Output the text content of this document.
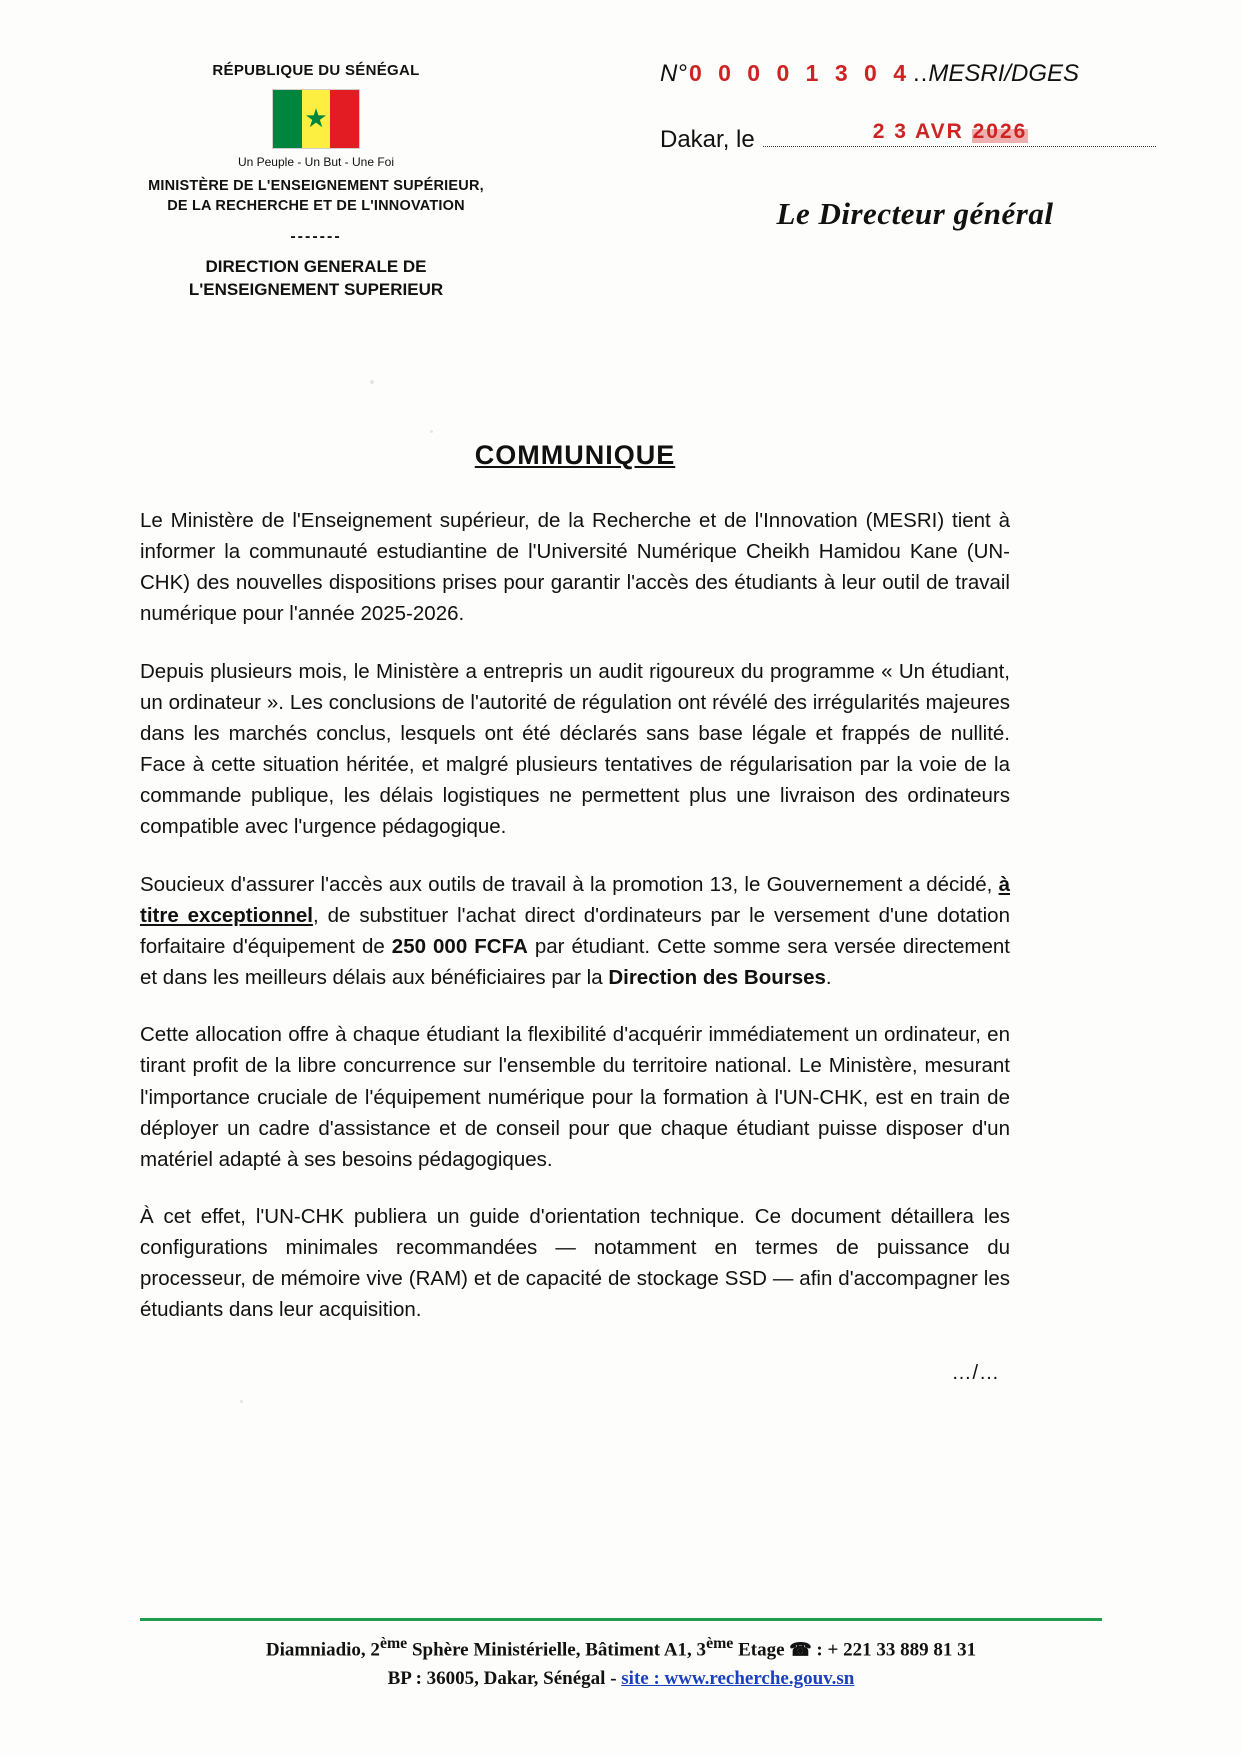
RÉPUBLIQUE DU SÉNÉGAL
★
Un Peuple - Un But - Une Foi
MINISTÈRE DE L'ENSEIGNEMENT SUPÉRIEUR,
DE LA RECHERCHE ET DE L'INNOVATION
-------
DIRECTION GENERALE DE
L'ENSEIGNEMENT SUPERIEUR
N° 0 0 0 0 1 3 0 4 .. MESRI/DGES
Dakar, le	2 3 AVR 2026
Le Directeur général
COMMUNIQUE

Le Ministère de l'Enseignement supérieur, de la Recherche et de l'Innovation (MESRI) tient à informer la communauté estudiantine de l'Université Numérique Cheikh Hamidou Kane (UN-CHK) des nouvelles dispositions prises pour garantir l'accès des étudiants à leur outil de travail numérique pour l'année 2025-2026.

Depuis plusieurs mois, le Ministère a entrepris un audit rigoureux du programme « Un étudiant, un ordinateur ». Les conclusions de l'autorité de régulation ont révélé des irrégularités majeures dans les marchés conclus, lesquels ont été déclarés sans base légale et frappés de nullité. Face à cette situation héritée, et malgré plusieurs tentatives de régularisation par la voie de la commande publique, les délais logistiques ne permettent plus une livraison des ordinateurs compatible avec l'urgence pédagogique.

Soucieux d'assurer l'accès aux outils de travail à la promotion 13, le Gouvernement a décidé, à titre exceptionnel, de substituer l'achat direct d'ordinateurs par le versement d'une dotation forfaitaire d'équipement de 250 000 FCFA par étudiant. Cette somme sera versée directement et dans les meilleurs délais aux bénéficiaires par la Direction des Bourses.

Cette allocation offre à chaque étudiant la flexibilité d'acquérir immédiatement un ordinateur, en tirant profit de la libre concurrence sur l'ensemble du territoire national. Le Ministère, mesurant l'importance cruciale de l'équipement numérique pour la formation à l'UN-CHK, est en train de déployer un cadre d'assistance et de conseil pour que chaque étudiant puisse disposer d'un matériel adapté à ses besoins pédagogiques.

À cet effet, l'UN-CHK publiera un guide d'orientation technique. Ce document détaillera les configurations minimales recommandées — notamment en termes de puissance du processeur, de mémoire vive (RAM) et de capacité de stockage SSD — afin d'accompagner les étudiants dans leur acquisition.

…/…
Diamniadio, 2ème Sphère Ministérielle, Bâtiment A1, 3ème Etage ☎ : + 221 33 889 81 31
BP : 36005, Dakar, Sénégal - site : www.recherche.gouv.sn
